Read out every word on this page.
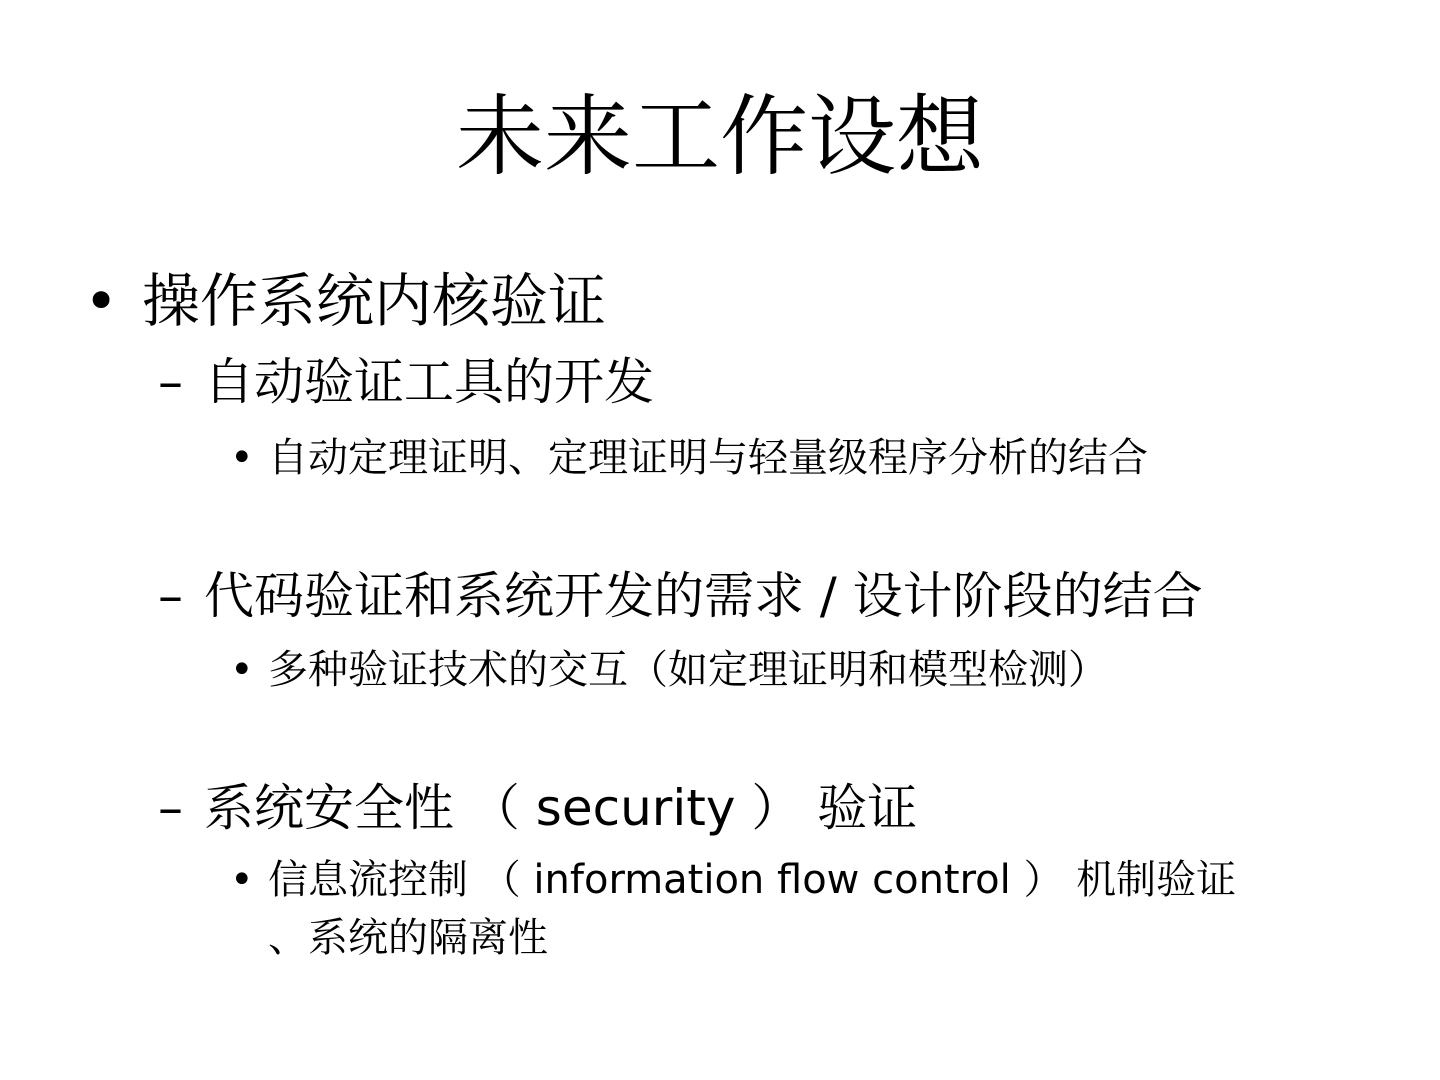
未来工作设想
• 操作系统内核验证
– 自动验证工具的开发
• 自动定理证明、定理证明与轻量级程序分析的结合
– 代码验证和系统开发的需求 / 设计阶段的结合
• 多种验证技术的交互（如定理证明和模型检测）
– 系统安全性 （ security ） 验证
• 信息流控制 （ information flow control ） 机制验证
、系统的隔离性
